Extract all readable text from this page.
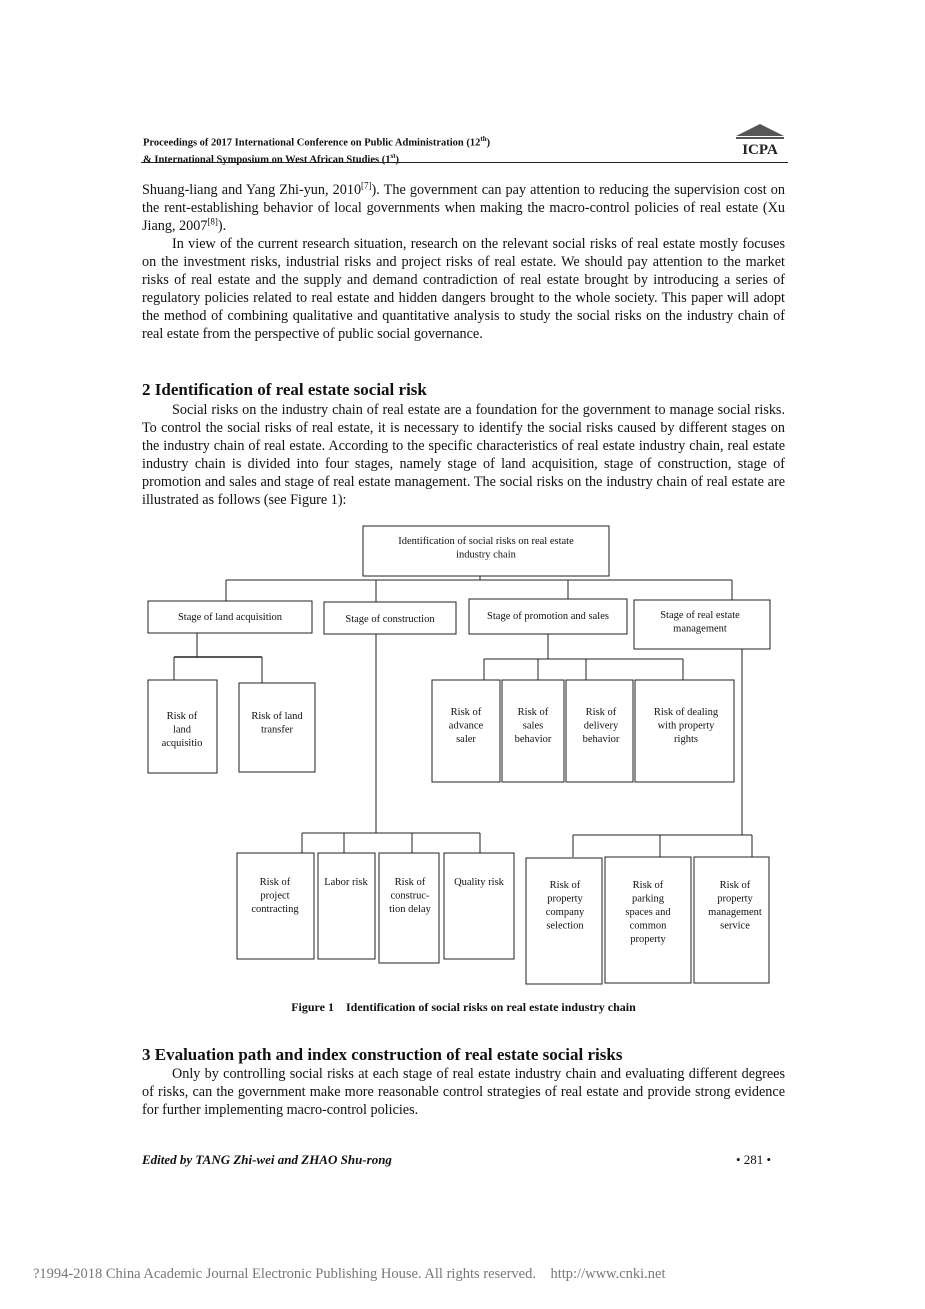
Proceedings of 2017 International Conference on Public Administration (12th)
& International Symposium on West African Studies (1st)
ICPA

Shuang-liang and Yang Zhi-yun, 2010[7]). The government can pay attention to reducing the supervision cost on the rent-establishing behavior of local governments when making the macro-control policies of real estate (Xu Jiang, 2007[8]).

In view of the current research situation, research on the relevant social risks of real estate mostly focuses on the investment risks, industrial risks and project risks of real estate. We should pay attention to the market risks of real estate and the supply and demand contradiction of real estate brought by introducing a series of regulatory policies related to real estate and hidden dangers brought to the whole society. This paper will adopt the method of combining qualitative and quantitative analysis to study the social risks on the industry chain of real estate from the perspective of public social governance.

2 Identification of real estate social risk

Social risks on the industry chain of real estate are a foundation for the government to manage social risks. To control the social risks of real estate, it is necessary to identify the social risks caused by different stages on the industry chain of real estate. According to the specific characteristics of real estate industry chain, real estate industry chain is divided into four stages, namely stage of land acquisition, stage of construction, stage of promotion and sales and stage of real estate management. The social risks on the industry chain of real estate are illustrated as follows (see Figure 1):

Identification of social risks on real estate industry chain
Stage of land acquisition	Stage of construction	Stage of promotion and sales	Stage of real estate management
Risk of land acquisitio
Risk of land transfer
Risk of advance saler
Risk of sales behavior
Risk of delivery behavior
Risk of dealing with property rights
Risk of project contracting
Labor risk	Risk of construc-tion delay
Quality risk	Risk of property company selection
Risk of parking spaces and common property
Risk of property management service
Figure 1    Identification of social risks on real estate industry chain
3 Evaluation path and index construction of real estate social risks

Only by controlling social risks at each stage of real estate industry chain and evaluating different degrees of risks, can the government make more reasonable control strategies of real estate and provide strong evidence for further implementing macro-control policies.

Edited by TANG Zhi-wei and ZHAO Shu-rong	• 281 •
?1994-2018 China Academic Journal Electronic Publishing House. All rights reserved.    http://www.cnki.net
